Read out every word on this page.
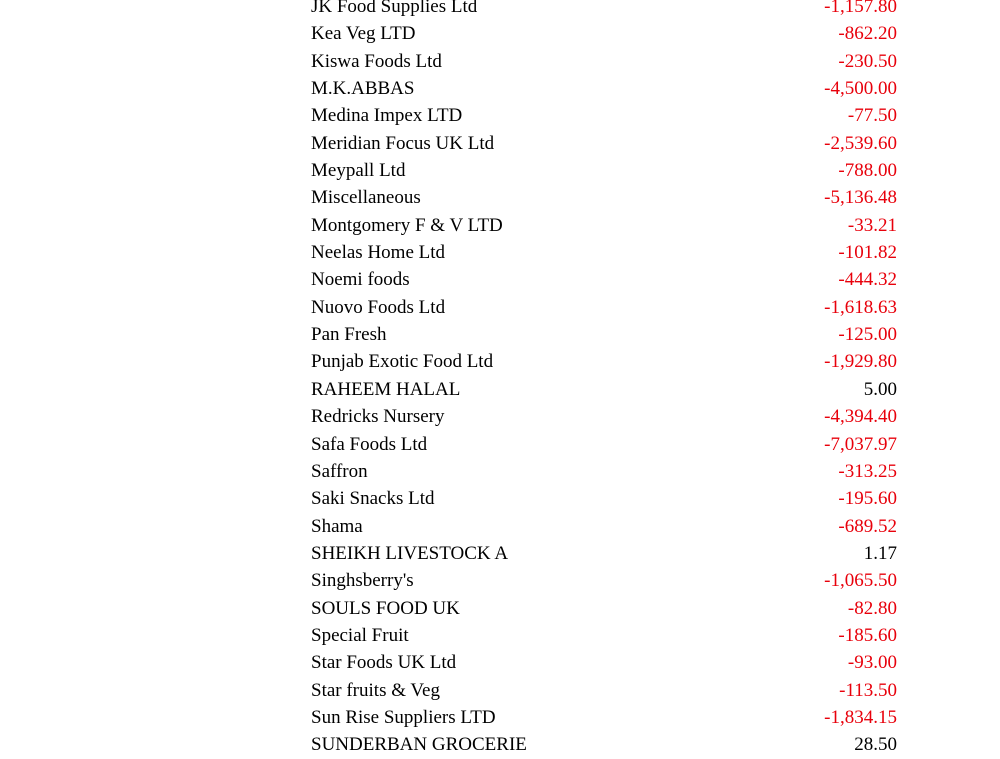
JK Food Supplies Ltd	-1,157.80
Kea Veg LTD	-862.20
Kiswa Foods Ltd	-230.50
M.K.ABBAS	-4,500.00
Medina Impex LTD	-77.50
Meridian Focus UK Ltd	-2,539.60
Meypall Ltd	-788.00
Miscellaneous	-5,136.48
Montgomery F & V LTD	-33.21
Neelas Home Ltd	-101.82
Noemi foods	-444.32
Nuovo Foods Ltd	-1,618.63
Pan Fresh	-125.00
Punjab Exotic Food Ltd	-1,929.80
RAHEEM HALAL	5.00
Redricks Nursery	-4,394.40
Safa Foods Ltd	-7,037.97
Saffron	-313.25
Saki Snacks Ltd	-195.60
Shama	-689.52
SHEIKH LIVESTOCK A	1.17
Singhsberry's	-1,065.50
SOULS FOOD UK	-82.80
Special Fruit	-185.60
Star Foods UK Ltd	-93.00
Star fruits & Veg	-113.50
Sun Rise Suppliers LTD	-1,834.15
SUNDERBAN GROCERIE	28.50
